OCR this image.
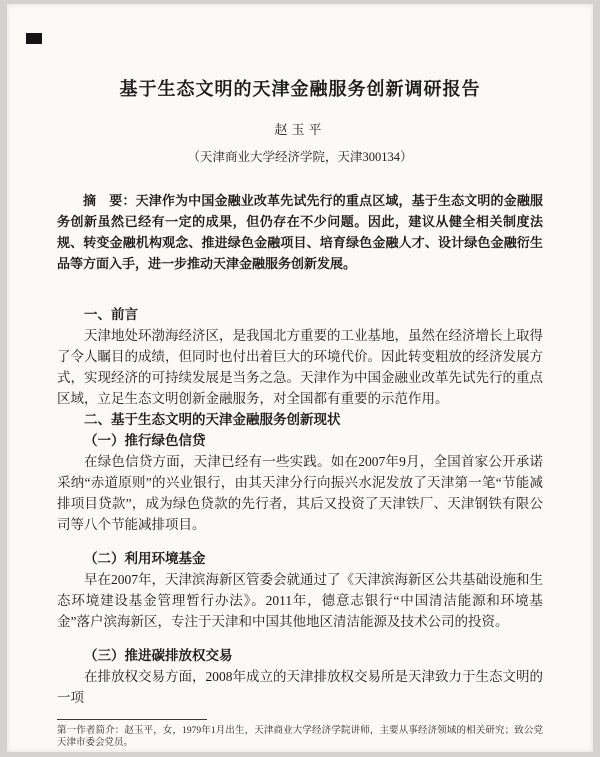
基于生态文明的天津金融服务创新调研报告
赵玉平
（天津商业大学经济学院，天津300134）

摘　要：天津作为中国金融业改革先试先行的重点区域，基于生态文明的金融服务创新虽然已经有一定的成果，但仍存在不少问题。因此，建议从健全相关制度法规、转变金融机构观念、推进绿色金融项目、培育绿色金融人才、设计绿色金融衍生品等方面入手，进一步推动天津金融服务创新发展。

一、前言

天津地处环渤海经济区，是我国北方重要的工业基地，虽然在经济增长上取得了令人瞩目的成绩，但同时也付出着巨大的环境代价。因此转变粗放的经济发展方式，实现经济的可持续发展是当务之急。天津作为中国金融业改革先试先行的重点区域，立足生态文明创新金融服务，对全国都有重要的示范作用。

二、基于生态文明的天津金融服务创新现状
（一）推行绿色信贷

在绿色信贷方面，天津已经有一些实践。如在2007年9月，全国首家公开承诺采纳“赤道原则”的兴业银行，由其天津分行向振兴水泥发放了天津第一笔“节能减排项目贷款”，成为绿色贷款的先行者，其后又投资了天津铁厂、天津钢铁有限公司等八个节能减排项目。

（二）利用环境基金

早在2007年，天津滨海新区管委会就通过了《天津滨海新区公共基础设施和生态环境建设基金管理暂行办法》。2011年，德意志银行“中国清洁能源和环境基金”落户滨海新区，专注于天津和中国其他地区清洁能源及技术公司的投资。

（三）推进碳排放权交易

在排放权交易方面，2008年成立的天津排放权交易所是天津致力于生态文明的一项

第一作者简介：赵玉平，女，1979年1月出生，天津商业大学经济学院讲师，主要从事经济领域的相关研究；致公党天津市委会党员。
